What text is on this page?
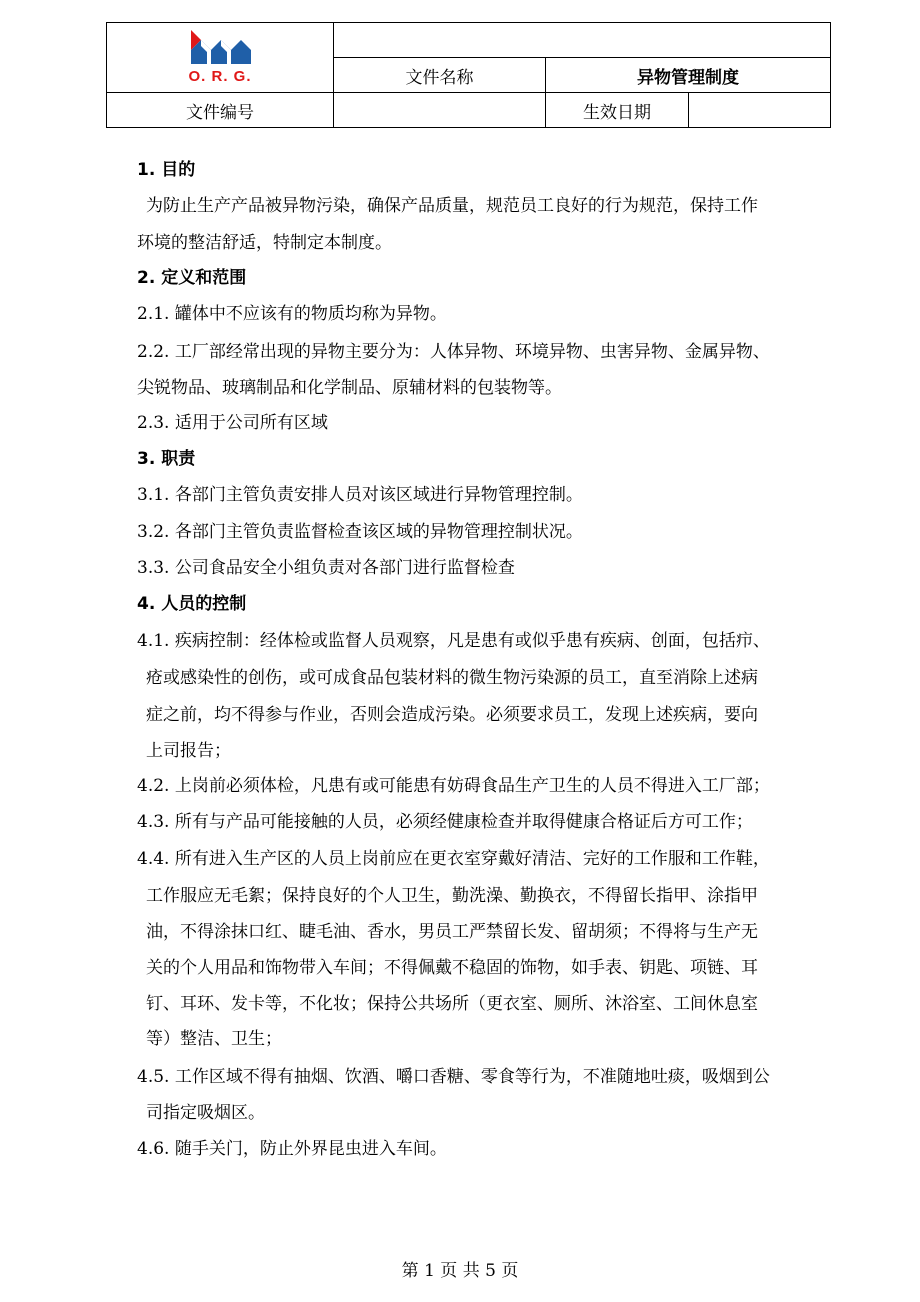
O. R. G.			

	文件名称	异物管理制度	
文件编号		生效日期	
1. 目的
为防止生产产品被异物污染，确保产品质量，规范员工良好的行为规范，保持工作
环境的整洁舒适，特制定本制度。
2. 定义和范围
2.1. 罐体中不应该有的物质均称为异物。
2.2. 工厂部经常出现的异物主要分为：人体异物、环境异物、虫害异物、金属异物、
尖锐物品、玻璃制品和化学制品、原辅材料的包装物等。
2.3. 适用于公司所有区域
3. 职责
3.1. 各部门主管负责安排人员对该区域进行异物管理控制。
3.2. 各部门主管负责监督检查该区域的异物管理控制状况。
3.3. 公司食品安全小组负责对各部门进行监督检查
4. 人员的控制
4.1. 疾病控制：经体检或监督人员观察，凡是患有或似乎患有疾病、创面，包括疖、
疮或感染性的创伤，或可成食品包装材料的微生物污染源的员工，直至消除上述病
症之前，均不得参与作业，否则会造成污染。必须要求员工，发现上述疾病，要向
上司报告；
4.2. 上岗前必须体检，凡患有或可能患有妨碍食品生产卫生的人员不得进入工厂部；
4.3. 所有与产品可能接触的人员，必须经健康检查并取得健康合格证后方可工作；
4.4. 所有进入生产区的人员上岗前应在更衣室穿戴好清洁、完好的工作服和工作鞋，
工作服应无毛絮；保持良好的个人卫生，勤洗澡、勤换衣，不得留长指甲、涂指甲
油，不得涂抹口红、睫毛油、香水，男员工严禁留长发、留胡须；不得将与生产无
关的个人用品和饰物带入车间；不得佩戴不稳固的饰物，如手表、钥匙、项链、耳
钉、耳环、发卡等，不化妆；保持公共场所（更衣室、厕所、沐浴室、工间休息室
等）整洁、卫生；
4.5. 工作区域不得有抽烟、饮酒、嚼口香糖、零食等行为，不准随地吐痰，吸烟到公
司指定吸烟区。
4.6. 随手关门，防止外界昆虫进入车间。
第 1 页 共 5 页
